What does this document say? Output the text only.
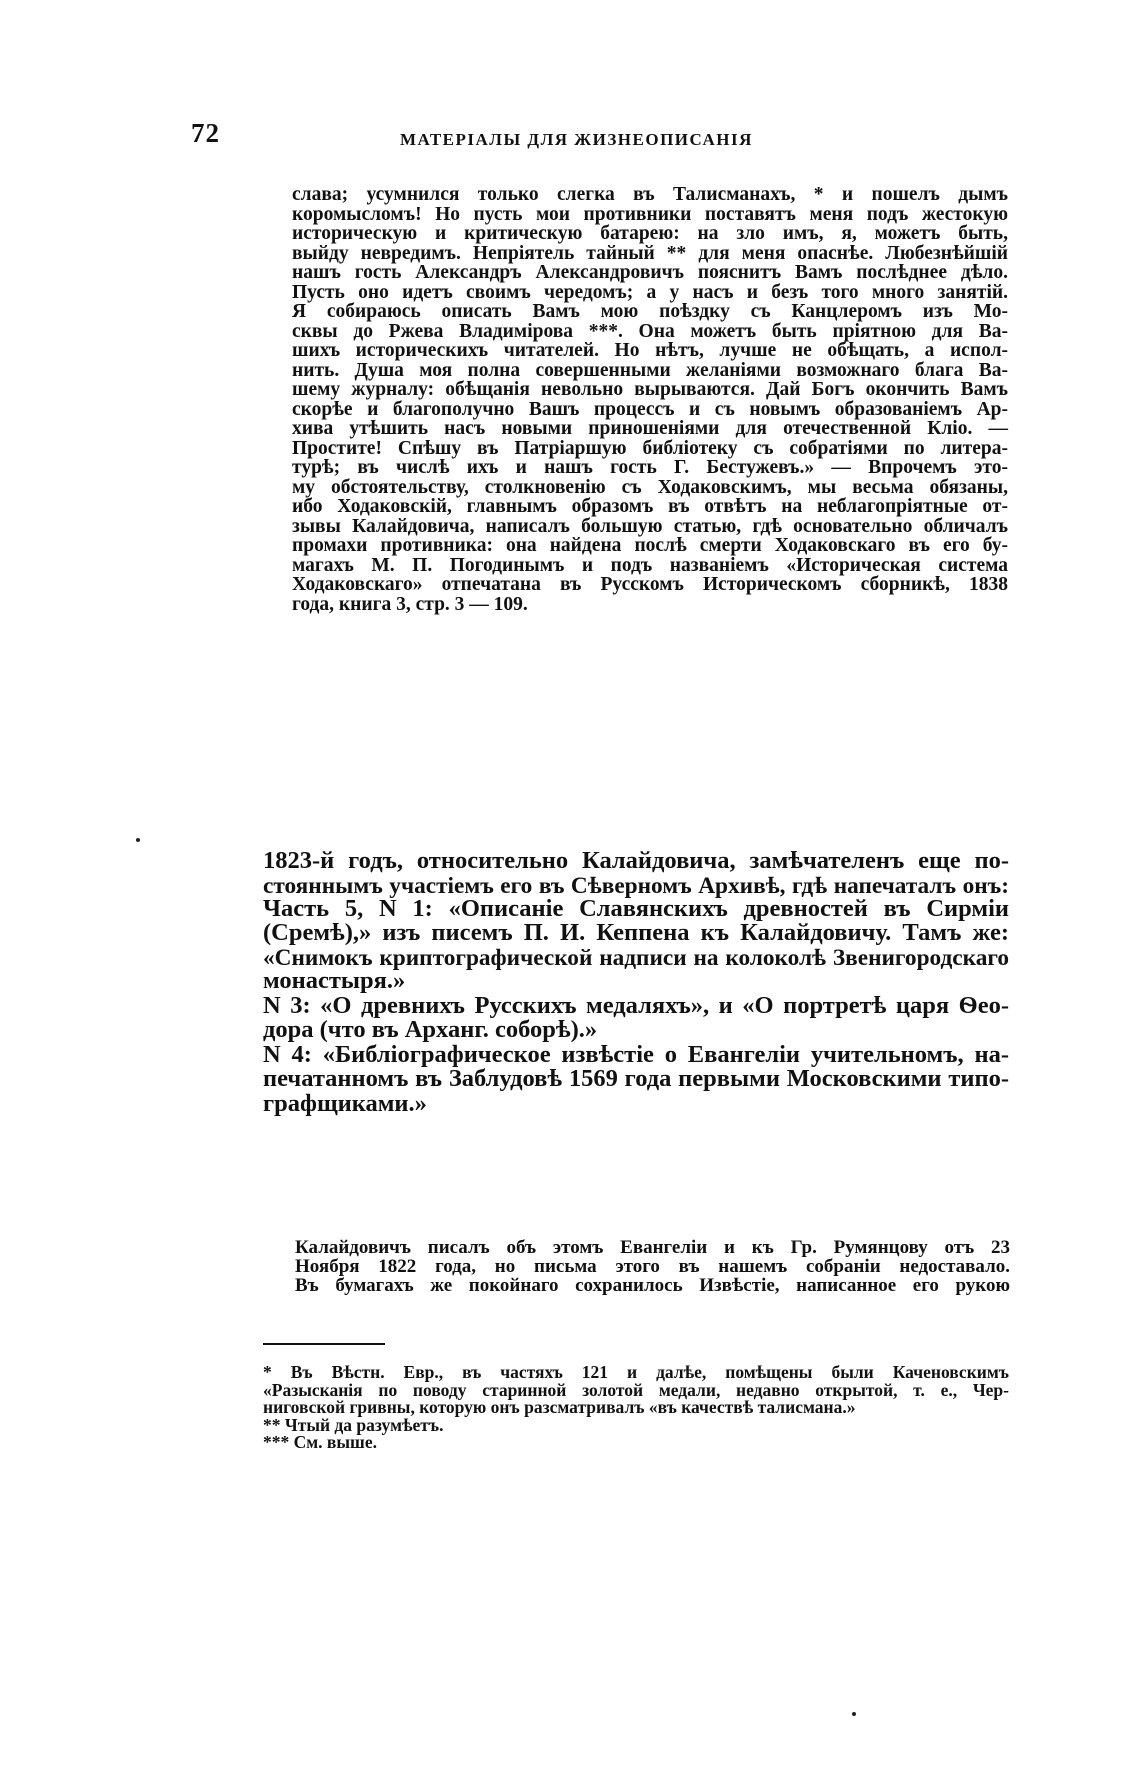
72	МАТЕРІАЛЫ ДЛЯ ЖИЗНЕОПИСАНІЯ
слава; усумнился только слегка въ Талисманахъ, * и пошелъ дымъ
коромысломъ! Но пусть мои противники поставятъ меня подъ жестокую
историческую и критическую батарею: на зло имъ, я, можетъ быть,
выйду невредимъ. Непріятель тайный ** для меня опаснѣе. Любезнѣйшій
нашъ гость Александръ Александровичъ пояснитъ Вамъ послѣднее дѣло.
Пусть оно идетъ своимъ чередомъ; а у насъ и безъ того много занятій.
Я собираюсь описать Вамъ мою поѣздку съ Канцлеромъ изъ Мо-
сквы до Ржева Владимірова ***. Она можетъ быть пріятною для Ва-
шихъ историческихъ читателей. Но нѣтъ, лучше не обѣщать, а испол-
нить. Душа моя полна совершенными желаніями возможнаго блага Ва-
шему журналу: обѣщанія невольно вырываются. Дай Богъ окончить Вамъ
скорѣе и благополучно Вашъ процессъ и съ новымъ образованіемъ Ар-
хива утѣшить насъ новыми приношеніями для отечественной Кліо. —
Простите! Спѣшу въ Патріаршую библіотеку съ собратіями по литера-
турѣ; въ числѣ ихъ и нашъ гость Г. Бестужевъ.» — Впрочемъ это-
му обстоятельству, столкновенію съ Ходаковскимъ, мы весьма обязаны,
ибо Ходаковскій, главнымъ образомъ въ отвѣтъ на неблагопріятные от-
зывы Калайдовича, написалъ большую статью, гдѣ основательно обличалъ
промахи противника: она найдена послѣ смерти Ходаковскаго въ его бу-
магахъ М. П. Погодинымъ и подъ названіемъ «Историческая система
Ходаковскаго» отпечатана въ Русскомъ Историческомъ сборникѣ, 1838
года, книга 3, стр. 3 — 109.
1823-й годъ, относительно Калайдовича, замѣчателенъ еще по-
стояннымъ участіемъ его въ Сѣверномъ Архивѣ, гдѣ напечаталъ онъ:
Часть 5, N 1: «Описаніе Славянскихъ древностей въ Сирміи
(Сремѣ),» изъ писемъ П. И. Кеппена къ Калайдовичу. Тамъ же:
«Снимокъ криптографической надписи на колоколѣ Звенигородскаго
монастыря.»
N 3: «О древнихъ Русскихъ медаляхъ», и «О портретѣ царя Ѳео-
дора (что въ Арханг. соборѣ).»
N 4: «Библіографическое извѣстіе о Евангеліи учительномъ, на-
печатанномъ въ Заблудовѣ 1569 года первыми Московскими типо-
графщиками.»
Калайдовичъ писалъ объ этомъ Евангеліи и къ Гр. Румянцову отъ 23
Ноября 1822 года, но письма этого въ нашемъ собраніи недоставало.
Въ бумагахъ же покойнаго сохранилось Извѣстіе, написанное его рукою
* Въ Вѣстн. Евр., въ частяхъ 121 и далѣе, помѣщены были Каченовскимъ
«Разысканія по поводу старинной золотой медали, недавно открытой, т. е., Чер-
ниговской гривны, которую онъ разсматривалъ «въ качествѣ талисмана.»
** Чтый да разумѣетъ.
*** См. выше.
